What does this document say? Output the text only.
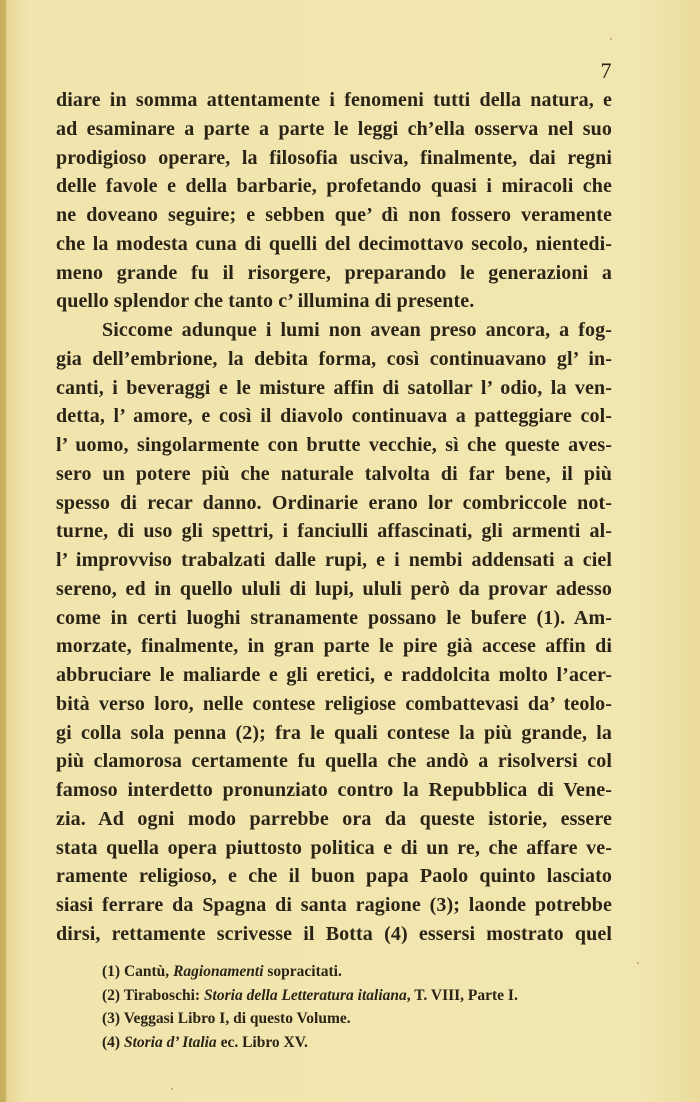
7
diare in somma attentamente i fenomeni tutti della natura, e
ad esaminare a parte a parte le leggi ch’ella osserva nel suo
prodigioso operare, la filosofia usciva, finalmente, dai regni
delle favole e della barbarie, profetando quasi i miracoli che
ne doveano seguire; e sebben que’ dì non fossero veramente
che la modesta cuna di quelli del decimottavo secolo, nientedi-
meno grande fu il risorgere, preparando le generazioni a
quello splendor che tanto c’ illumina di presente.
Siccome adunque i lumi non avean preso ancora, a fog-
gia dell’embrione, la debita forma, così continuavano gl’ in-
canti, i beveraggi e le misture affin di satollar l’ odio, la ven-
detta, l’ amore, e così il diavolo continuava a patteggiare col-
l’ uomo, singolarmente con brutte vecchie, sì che queste aves-
sero un potere più che naturale talvolta di far bene, il più
spesso di recar danno. Ordinarie erano lor combriccole not-
turne, di uso gli spettri, i fanciulli affascinati, gli armenti al-
l’ improvviso trabalzati dalle rupi, e i nembi addensati a ciel
sereno, ed in quello ululi di lupi, ululi però da provar adesso
come in certi luoghi stranamente possano le bufere (1). Am-
morzate, finalmente, in gran parte le pire già accese affin di
abbruciare le maliarde e gli eretici, e raddolcita molto l’acer-
bità verso loro, nelle contese religiose combattevasi da’ teolo-
gi colla sola penna (2); fra le quali contese la più grande, la
più clamorosa certamente fu quella che andò a risolversi col
famoso interdetto pronunziato contro la Repubblica di Vene-
zia. Ad ogni modo parrebbe ora da queste istorie, essere
stata quella opera piuttosto politica e di un re, che affare ve-
ramente religioso, e che il buon papa Paolo quinto lasciato
siasi ferrare da Spagna di santa ragione (3); laonde potrebbe
dirsi, rettamente scrivesse il Botta (4) essersi mostrato quel
(1) Cantù, Ragionamenti sopracitati.
(2) Tiraboschi: Storia della Letteratura italiana, T. VIII, Parte I.
(3) Veggasi Libro I, di questo Volume.
(4) Storia d’ Italia ec. Libro XV.
